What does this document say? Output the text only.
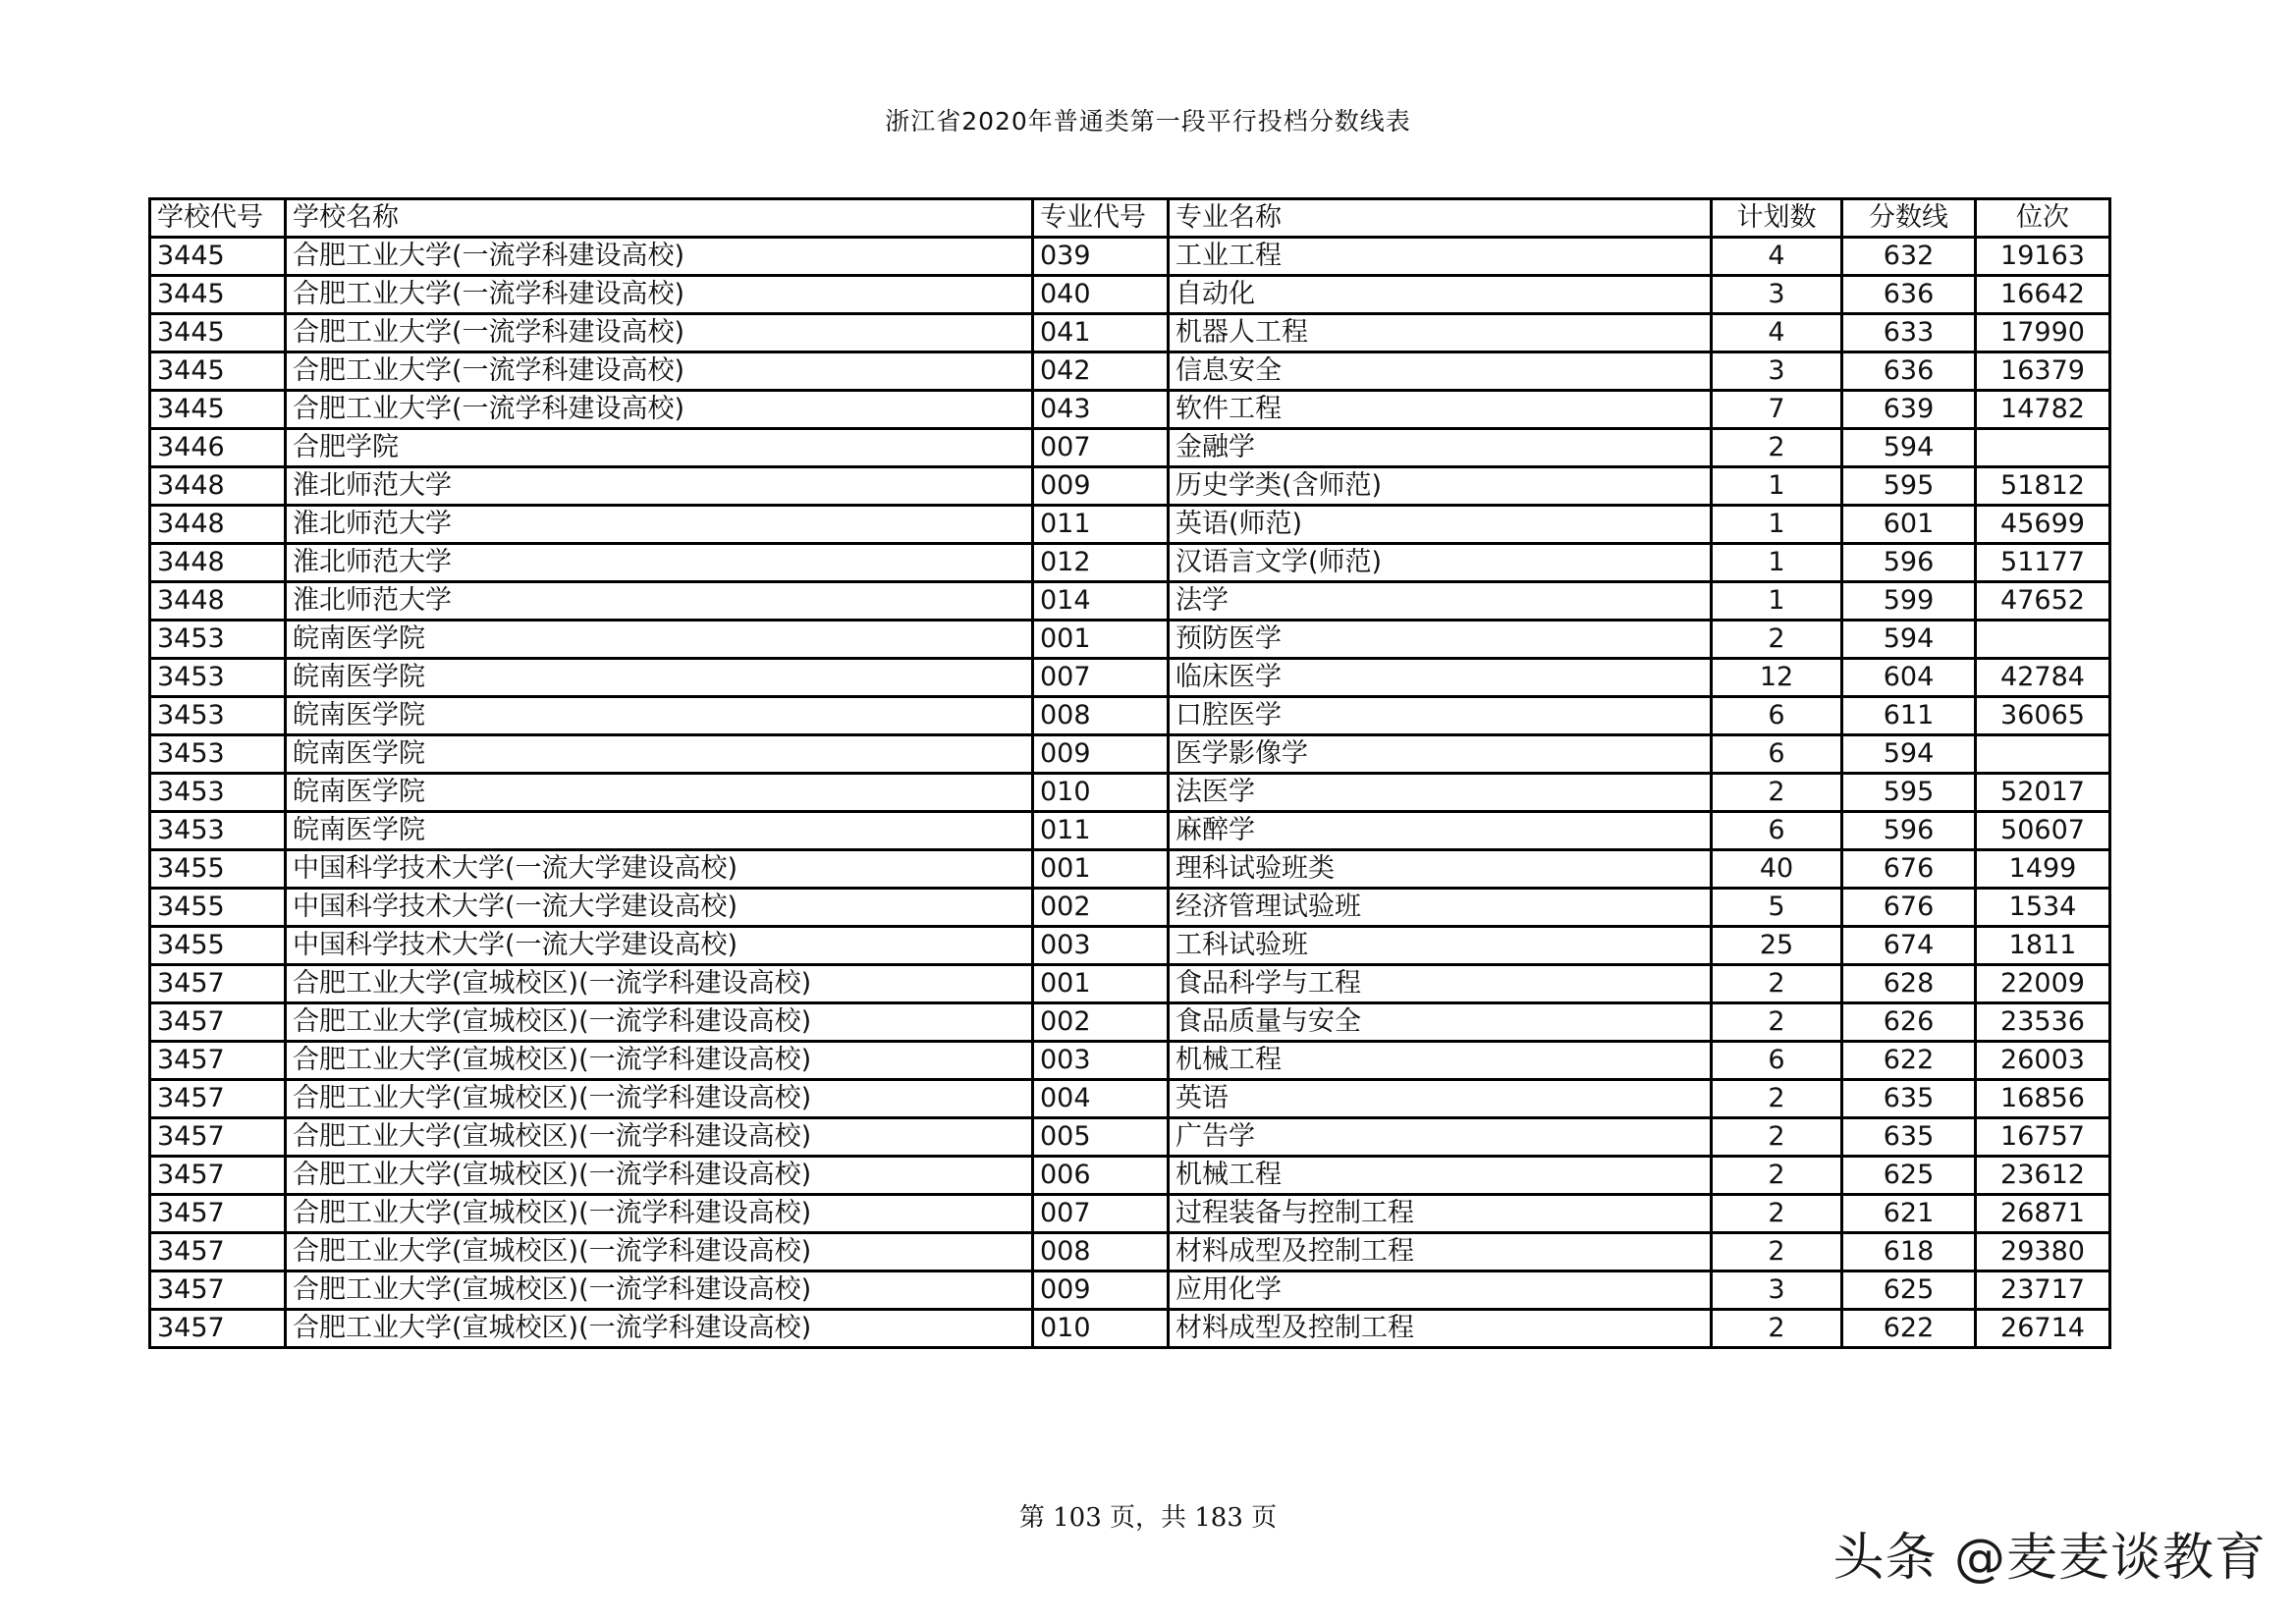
浙江省2020年普通类第一段平行投档分数线表
学校代号	学校名称	专业代号	专业名称	计划数	分数线	位次
3445	合肥工业大学(一流学科建设高校)	039	工业工程	4	632	19163
3445	合肥工业大学(一流学科建设高校)	040	自动化	3	636	16642
3445	合肥工业大学(一流学科建设高校)	041	机器人工程	4	633	17990
3445	合肥工业大学(一流学科建设高校)	042	信息安全	3	636	16379
3445	合肥工业大学(一流学科建设高校)	043	软件工程	7	639	14782
3446	合肥学院	007	金融学	2	594	
3448	淮北师范大学	009	历史学类(含师范)	1	595	51812
3448	淮北师范大学	011	英语(师范)	1	601	45699
3448	淮北师范大学	012	汉语言文学(师范)	1	596	51177
3448	淮北师范大学	014	法学	1	599	47652
3453	皖南医学院	001	预防医学	2	594	
3453	皖南医学院	007	临床医学	12	604	42784
3453	皖南医学院	008	口腔医学	6	611	36065
3453	皖南医学院	009	医学影像学	6	594	
3453	皖南医学院	010	法医学	2	595	52017
3453	皖南医学院	011	麻醉学	6	596	50607
3455	中国科学技术大学(一流大学建设高校)	001	理科试验班类	40	676	1499
3455	中国科学技术大学(一流大学建设高校)	002	经济管理试验班	5	676	1534
3455	中国科学技术大学(一流大学建设高校)	003	工科试验班	25	674	1811
3457	合肥工业大学(宣城校区)(一流学科建设高校)	001	食品科学与工程	2	628	22009
3457	合肥工业大学(宣城校区)(一流学科建设高校)	002	食品质量与安全	2	626	23536
3457	合肥工业大学(宣城校区)(一流学科建设高校)	003	机械工程	6	622	26003
3457	合肥工业大学(宣城校区)(一流学科建设高校)	004	英语	2	635	16856
3457	合肥工业大学(宣城校区)(一流学科建设高校)	005	广告学	2	635	16757
3457	合肥工业大学(宣城校区)(一流学科建设高校)	006	机械工程	2	625	23612
3457	合肥工业大学(宣城校区)(一流学科建设高校)	007	过程装备与控制工程	2	621	26871
3457	合肥工业大学(宣城校区)(一流学科建设高校)	008	材料成型及控制工程	2	618	29380
3457	合肥工业大学(宣城校区)(一流学科建设高校)	009	应用化学	3	625	23717
3457	合肥工业大学(宣城校区)(一流学科建设高校)	010	材料成型及控制工程	2	622	26714
第 103 页，共 183 页
头条 @麦麦谈教育
